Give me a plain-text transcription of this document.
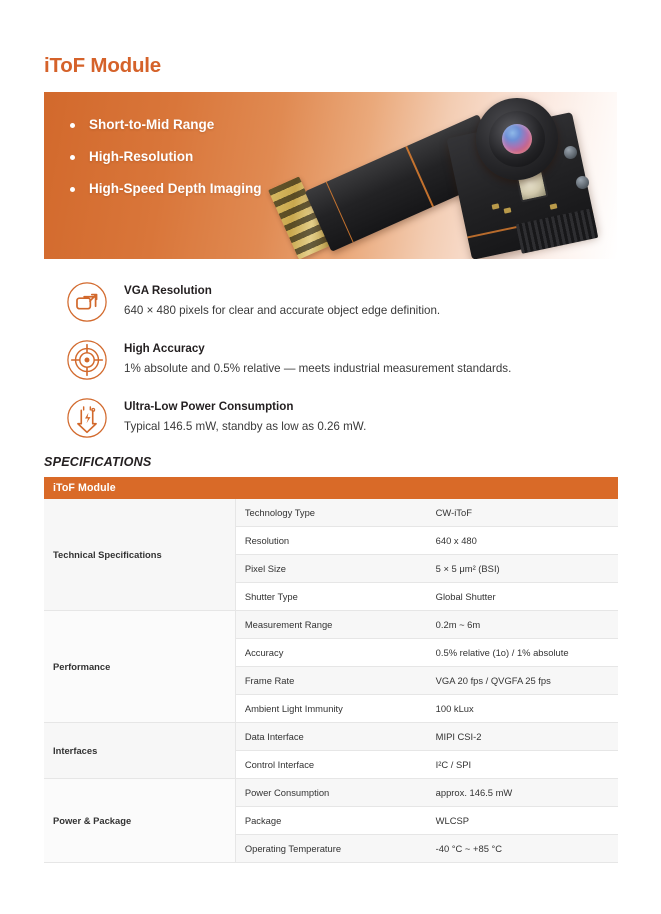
iToF Module
Short-to-Mid Range
High-Resolution
High-Speed Depth Imaging
VGA Resolution
640 × 480 pixels for clear and accurate object edge definition.
High Accuracy
1% absolute and 0.5% relative — meets industrial measurement standards.
Ultra-Low Power Consumption
Typical 146.5 mW, standby as low as 0.26 mW.
SPECIFICATIONS
iToF Module		
Technical Specifications	Technology Type	CW-iToF
	Resolution	640 x 480
	Pixel Size	5 × 5 μm² (BSI)
	Shutter Type	Global Shutter
Performance	Measurement Range	0.2m ~ 6m
	Accuracy	0.5% relative (1o) / 1% absolute
	Frame Rate	VGA 20 fps / QVGFA 25 fps
	Ambient Light Immunity	100 kLux
Interfaces	Data Interface	MIPI CSI-2
	Control Interface	I²C / SPI
Power & Package	Power Consumption	approx. 146.5 mW
	Package	WLCSP
	Operating Temperature	-40 °C ~ +85 °C
